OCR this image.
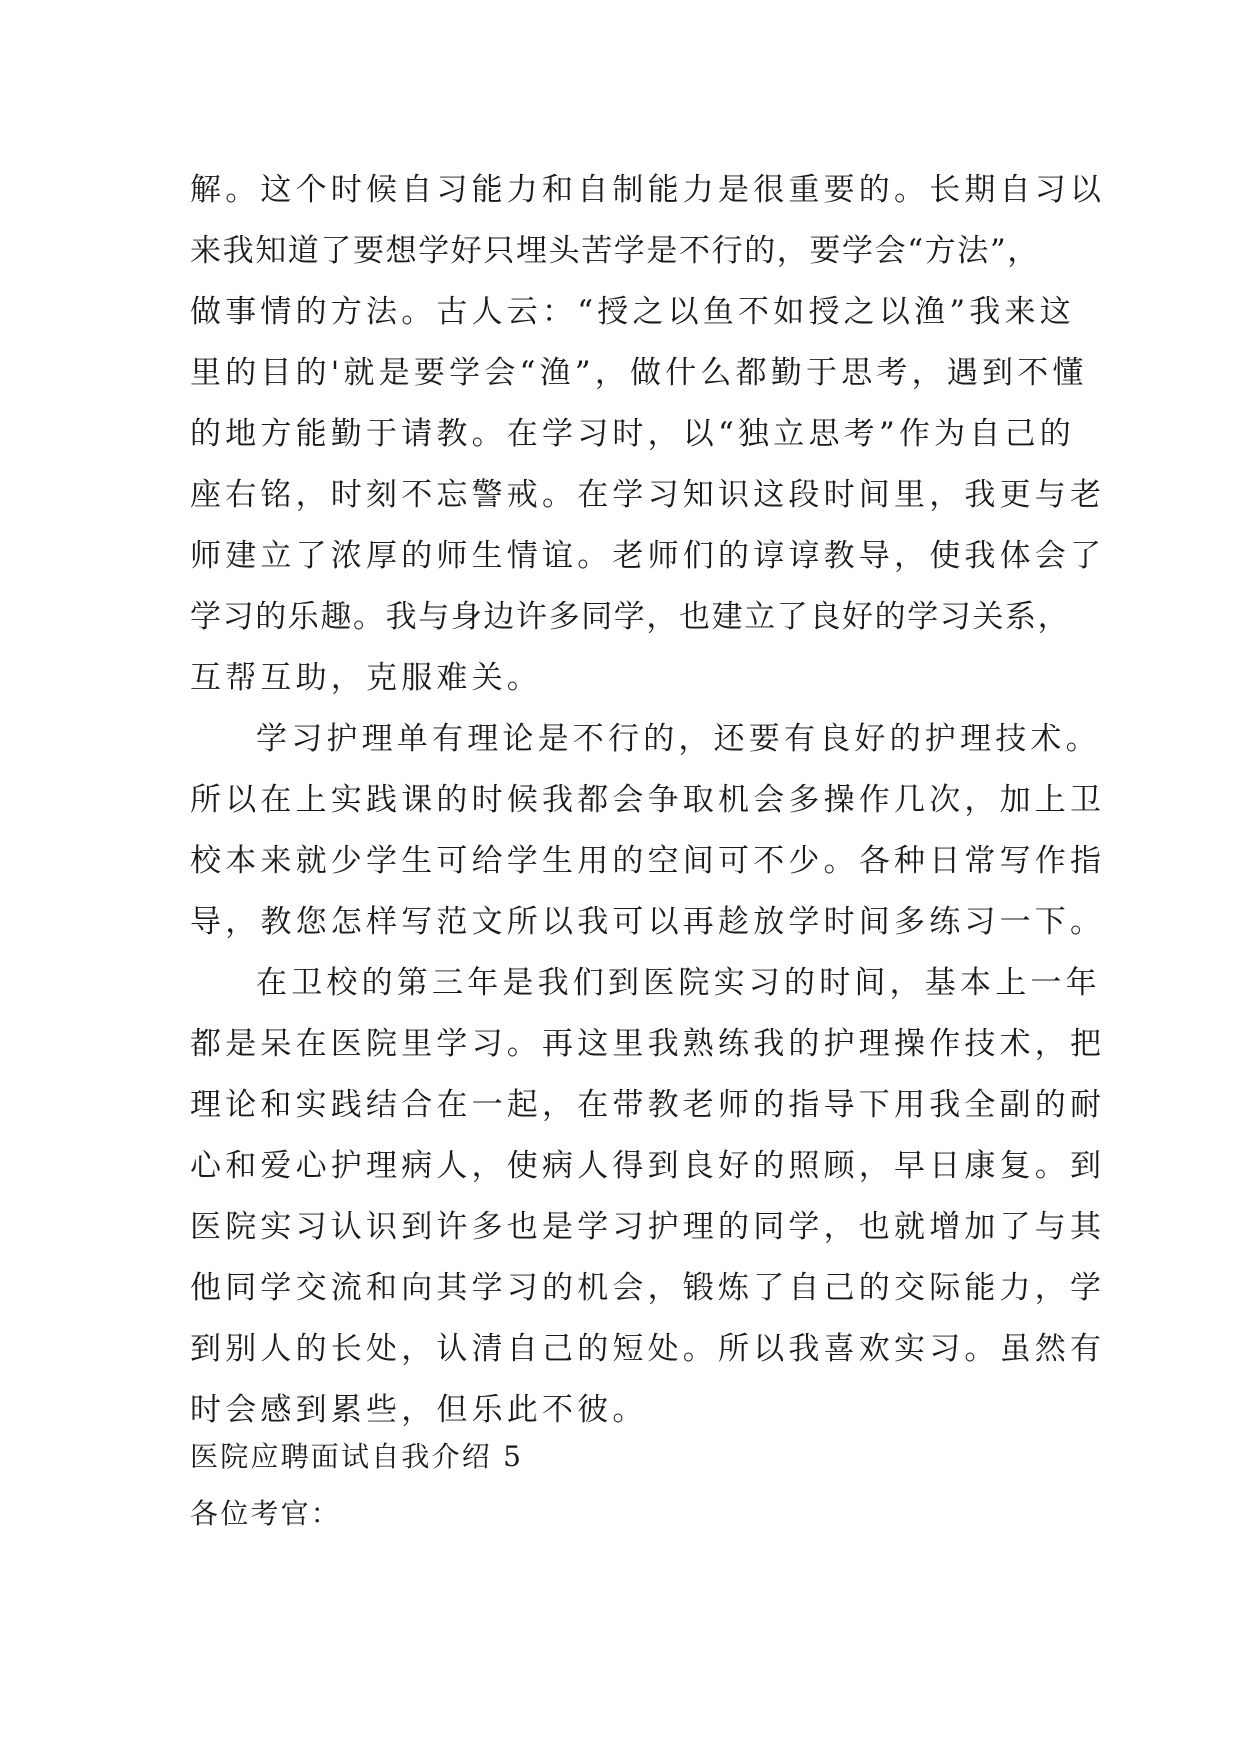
解。这个时候自习能力和自制能力是很重要的。长期自习以
来我知道了要想学好只埋头苦学是不行的，要学会“方法”，
做事情的方法。古人云：“授之以鱼不如授之以渔”我来这
里的目的'就是要学会“渔”，做什么都勤于思考，遇到不懂
的地方能勤于请教。在学习时，以“独立思考”作为自己的
座右铭，时刻不忘警戒。在学习知识这段时间里，我更与老
师建立了浓厚的师生情谊。老师们的谆谆教导，使我体会了
学习的乐趣。我与身边许多同学，也建立了良好的学习关系，
互帮互助，克服难关。
学习护理单有理论是不行的，还要有良好的护理技术。
所以在上实践课的时候我都会争取机会多操作几次，加上卫
校本来就少学生可给学生用的空间可不少。各种日常写作指
导，教您怎样写范文所以我可以再趁放学时间多练习一下。
在卫校的第三年是我们到医院实习的时间，基本上一年
都是呆在医院里学习。再这里我熟练我的护理操作技术，把
理论和实践结合在一起，在带教老师的指导下用我全副的耐
心和爱心护理病人，使病人得到良好的照顾，早日康复。到
医院实习认识到许多也是学习护理的同学，也就增加了与其
他同学交流和向其学习的机会，锻炼了自己的交际能力，学
到别人的长处，认清自己的短处。所以我喜欢实习。虽然有
时会感到累些，但乐此不彼。
医院应聘面试自我介绍 5
各位考官：
